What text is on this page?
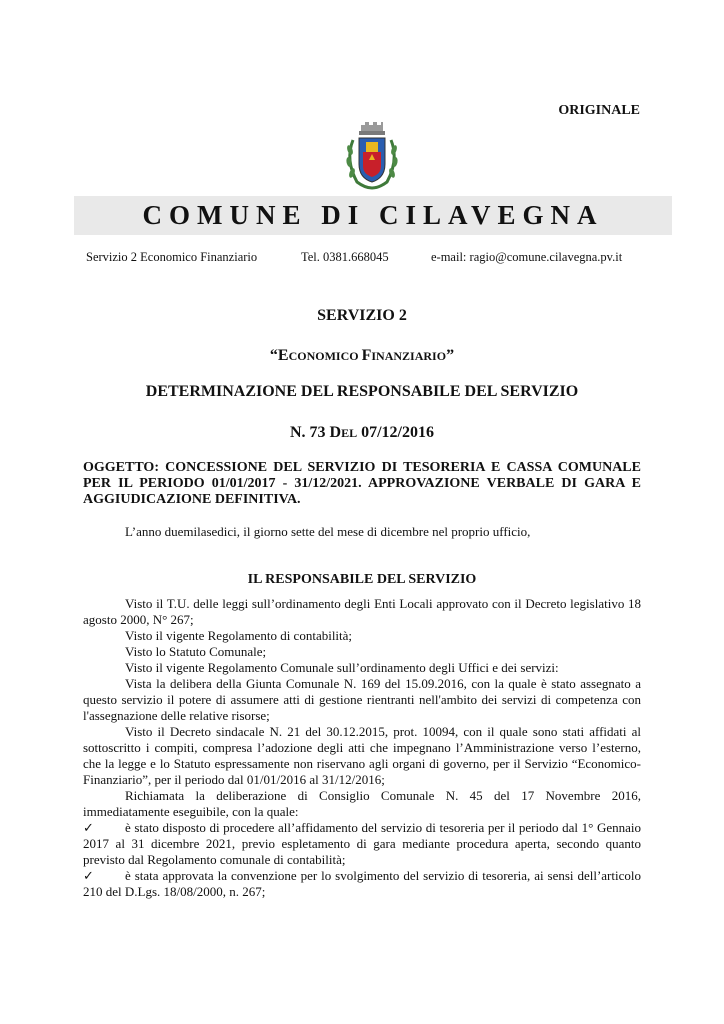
ORIGINALE
COMUNE DI CILAVEGNA
Servizio 2 Economico Finanziario	Tel. 0381.668045	e-mail: ragio@comune.cilavegna.pv.it
SERVIZIO 2
“ECONOMICO FINANZIARIO”
DETERMINAZIONE DEL RESPONSABILE DEL SERVIZIO
N. 73 DEL 07/12/2016
OGGETTO: CONCESSIONE DEL SERVIZIO DI TESORERIA E CASSA COMUNALE PER IL PERIODO 01/01/2017 - 31/12/2021. APPROVAZIONE VERBALE DI GARA E AGGIUDICAZIONE DEFINITIVA.
L’anno duemilasedici, il giorno sette del mese di dicembre nel proprio ufficio,
IL RESPONSABILE DEL SERVIZIO

Visto il T.U. delle leggi sull’ordinamento degli Enti Locali approvato con il Decreto legislativo 18 agosto 2000, N° 267;

Visto il vigente Regolamento di contabilità;

Visto lo Statuto Comunale;

Visto il vigente Regolamento Comunale sull’ordinamento degli Uffici e dei servizi:

Vista la delibera della Giunta Comunale N. 169 del 15.09.2016, con la quale è stato assegnato a questo servizio il potere di assumere atti di gestione rientranti nell'ambito dei servizi di competenza con l'assegnazione delle relative risorse;

Visto il Decreto sindacale N. 21 del 30.12.2015, prot. 10094, con il quale sono stati affidati al sottoscritto i compiti, compresa l’adozione degli atti che impegnano l’Amministrazione verso l’esterno, che la legge e lo Statuto espressamente non riservano agli organi di governo, per il Servizio “Economico-Finanziario”, per il periodo dal 01/01/2016 al 31/12/2016;

Richiamata la deliberazione di Consiglio Comunale N. 45 del 17 Novembre 2016, immediatamente eseguibile, con la quale:

✓ è stato disposto di procedere all’affidamento del servizio di tesoreria per il periodo dal 1° Gennaio 2017 al 31 dicembre 2021, previo espletamento di gara mediante procedura aperta, secondo quanto previsto dal Regolamento comunale di contabilità;

✓ è stata approvata la convenzione per lo svolgimento del servizio di tesoreria, ai sensi dell’articolo 210 del D.Lgs. 18/08/2000, n. 267;
